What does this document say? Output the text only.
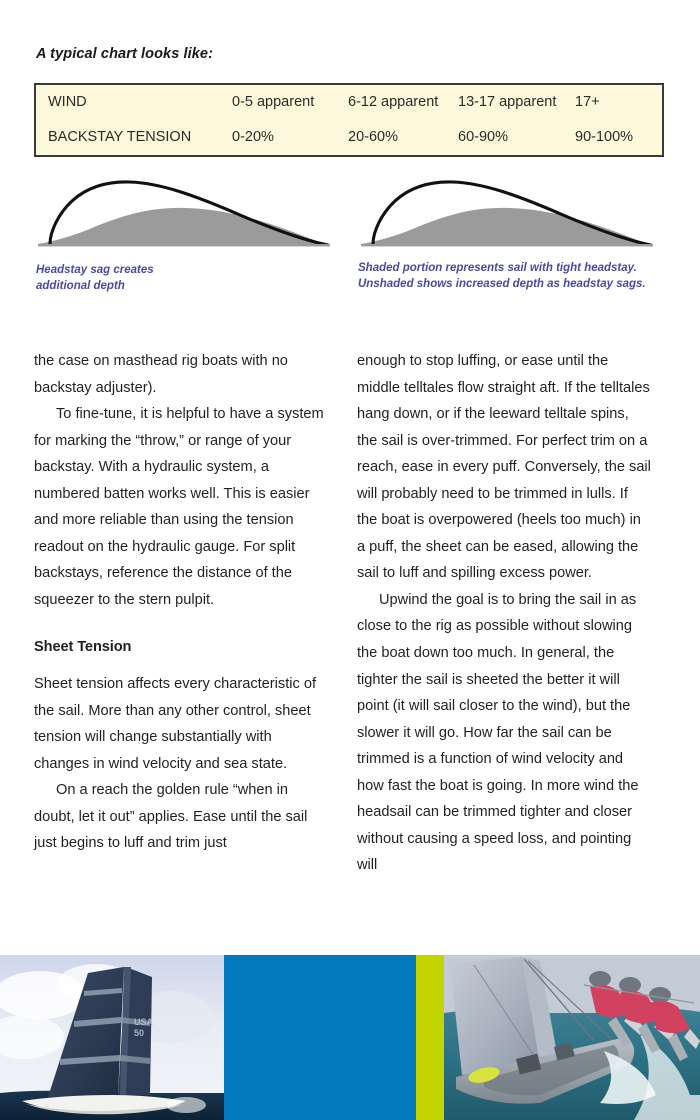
A typical chart looks like:
WIND	0-5 apparent	6-12 apparent	13-17 apparent	17+
BACKSTAY TENSION	0-20%	20-60%	60-90%	90-100%
Headstay sag creates additional depth
Shaded portion represents sail with tight headstay. Unshaded shows increased depth as headstay sags.

the case on masthead rig boats with no backstay adjuster).

To fine-tune, it is helpful to have a system for marking the “throw,” or range of your backstay. With a hydraulic system, a numbered batten works well. This is easier and more reliable than using the tension readout on the hydraulic gauge. For split backstays, reference the distance of the squeezer to the stern pulpit.

Sheet Tension

Sheet tension affects every characteristic of the sail. More than any other control, sheet tension will change substantially with changes in wind velocity and sea state.

On a reach the golden rule “when in doubt, let it out” applies. Ease until the sail just begins to luff and trim just

enough to stop luffing, or ease until the middle telltales flow straight aft. If the telltales hang down, or if the leeward telltale spins, the sail is over-trimmed. For perfect trim on a reach, ease in every puff. Conversely, the sail will probably need to be trimmed in lulls. If the boat is overpowered (heels too much) in a puff, the sheet can be eased, allowing the sail to luff and spilling excess power.

Upwind the goal is to bring the sail in as close to the rig as possible without slowing the boat down too much. In general, the tighter the sail is sheeted the better it will point (it will sail closer to the wind), but the slower it will go. How far the sail can be trimmed is a function of wind velocity and how fast the boat is going. In more wind the headsail can be trimmed tighter and closer without causing a speed loss, and pointing will

USA
50
